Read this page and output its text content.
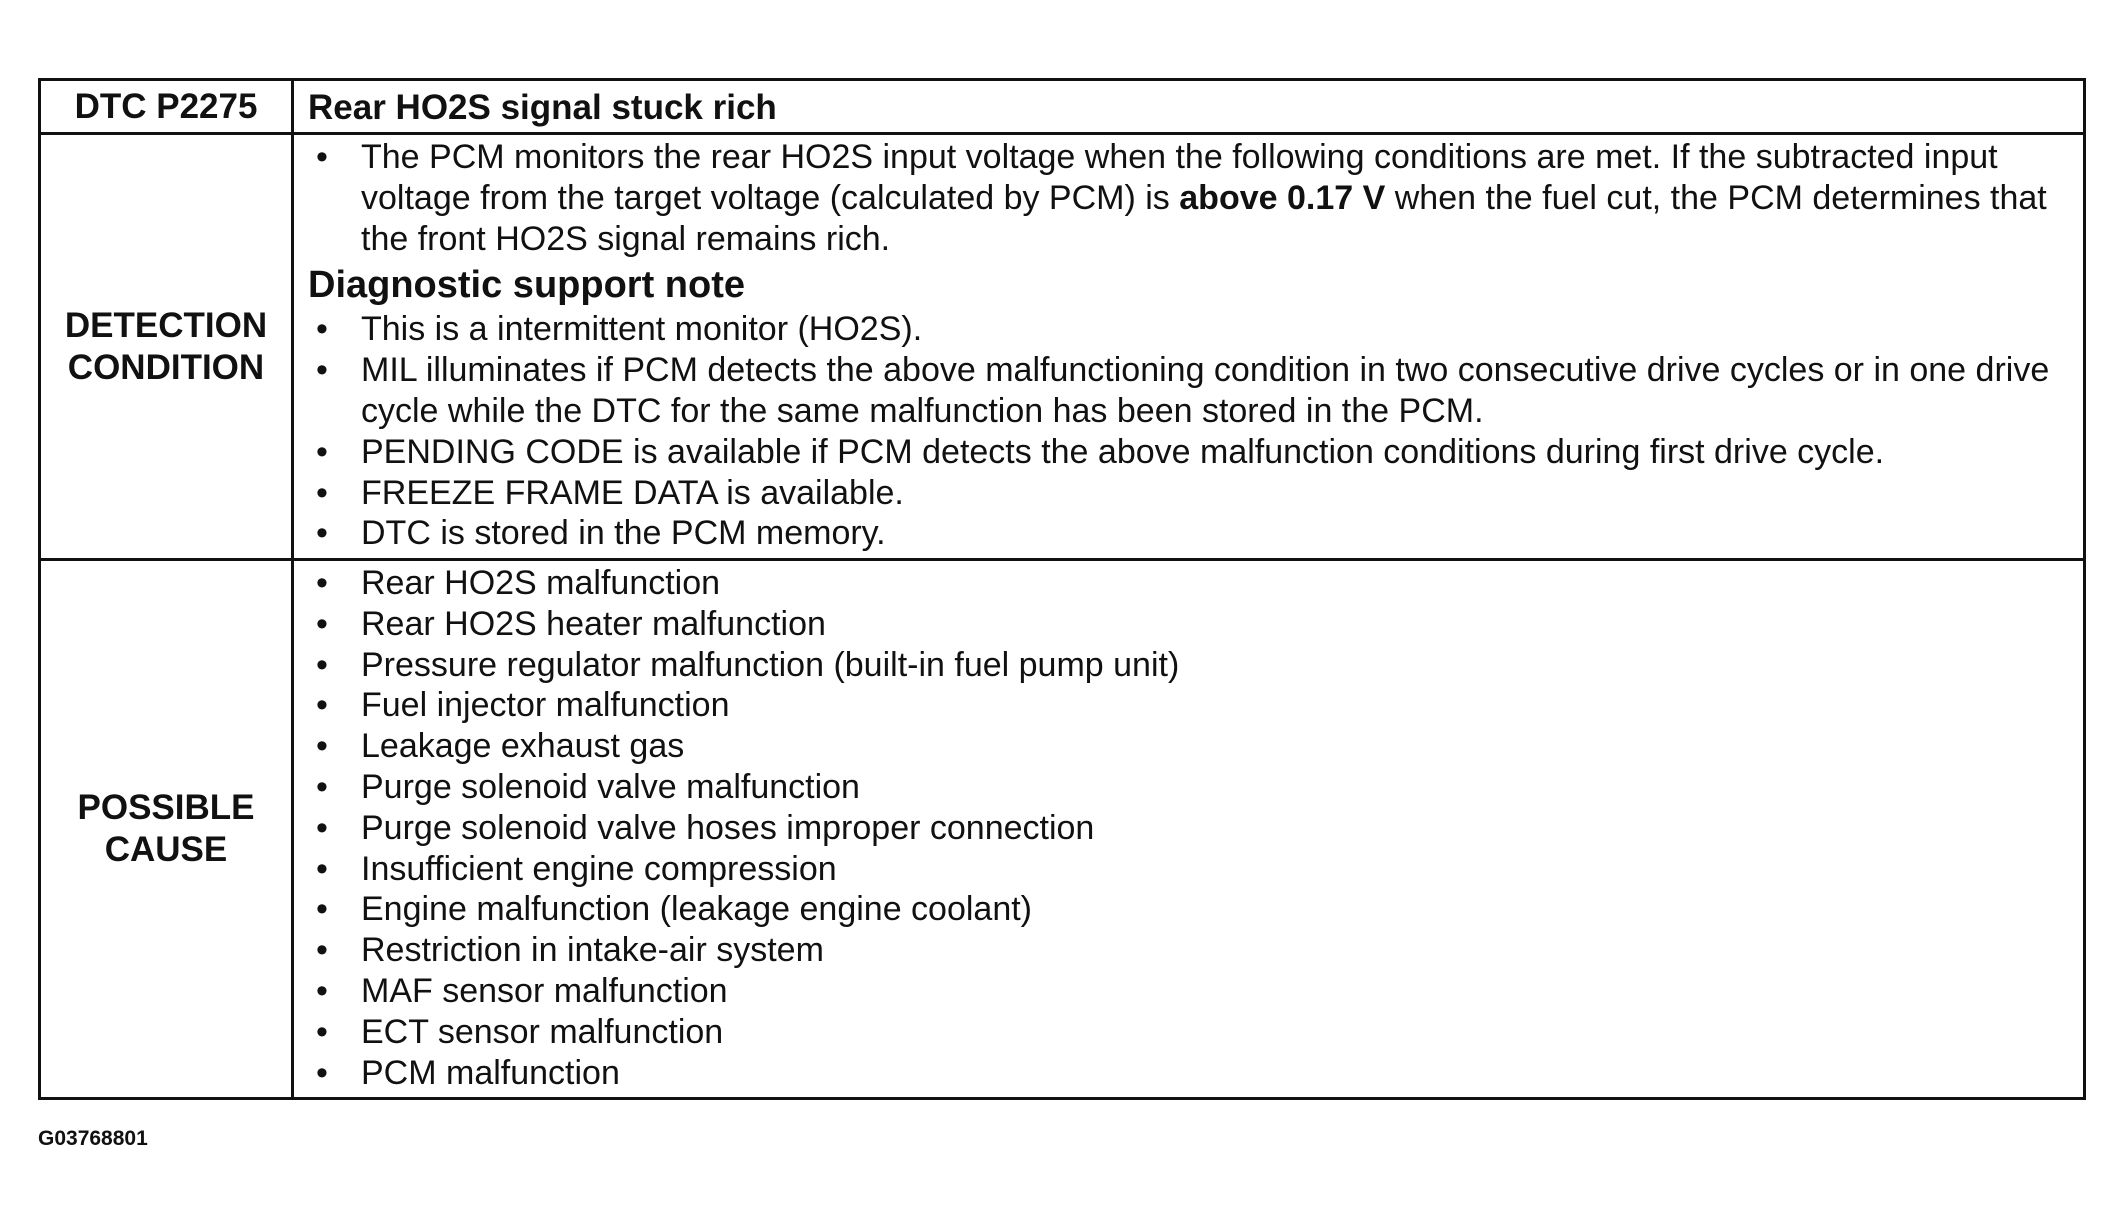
DTC P2275 Rear HO2S signal stuck rich
DETECTION
CONDITION
• The PCM monitors the rear HO2S input voltage when the following conditions are met. If the subtracted input voltage from the target voltage (calculated by PCM) is above 0.17 V when the fuel cut, the PCM determines that the front HO2S signal remains rich.
Diagnostic support note
• This is a intermittent monitor (HO2S).
• MIL illuminates if PCM detects the above malfunctioning condition in two consecutive drive cycles or in one drive cycle while the DTC for the same malfunction has been stored in the PCM.
• PENDING CODE is available if PCM detects the above malfunction conditions during first drive cycle.
• FREEZE FRAME DATA is available.
• DTC is stored in the PCM memory.
POSSIBLE
CAUSE
• Rear HO2S malfunction
• Rear HO2S heater malfunction
• Pressure regulator malfunction (built-in fuel pump unit)
• Fuel injector malfunction
• Leakage exhaust gas
• Purge solenoid valve malfunction
• Purge solenoid valve hoses improper connection
• Insufficient engine compression
• Engine malfunction (leakage engine coolant)
• Restriction in intake-air system
• MAF sensor malfunction
• ECT sensor malfunction
• PCM malfunction
G03768801
